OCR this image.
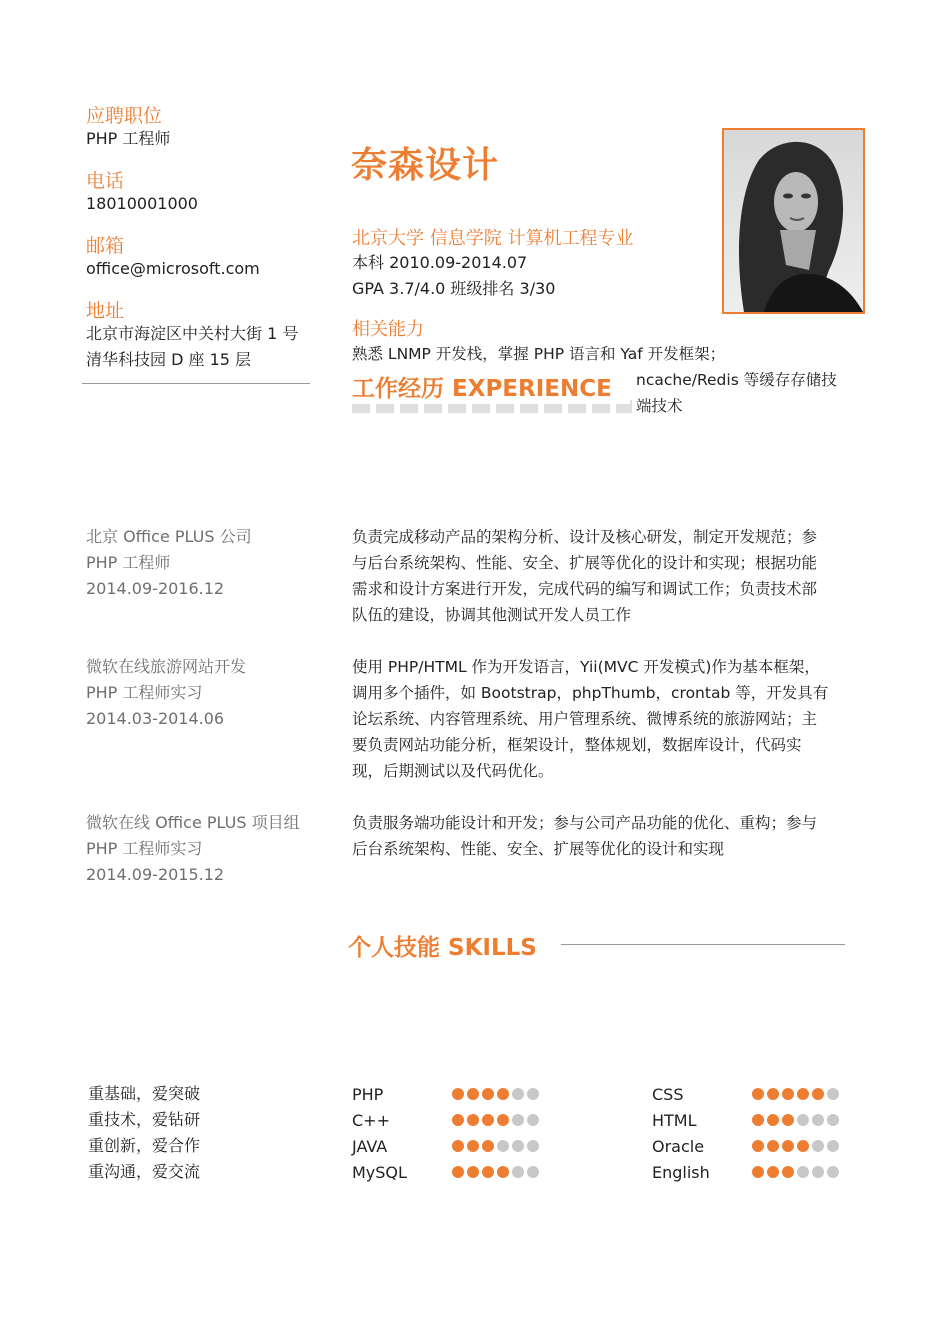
应聘职位
PHP 工程师
电话
18010001000
邮箱
office@microsoft.com
地址
北京市海淀区中关村大街 1 号
清华科技园 D 座 15 层
奈森设计
北京大学 信息学院 计算机工程专业
本科 2010.09-2014.07
GPA 3.7/4.0 班级排名 3/30
相关能力
熟悉 LNMP 开发栈，掌握 PHP 语言和 Yaf 开发框架；
ncache/Redis 等缓存存储技
端技术
工作经历 EXPERIENCE
北京 Office PLUS 公司
PHP 工程师
2014.09-2016.12
负责完成移动产品的架构分析、设计及核心研发，制定开发规范；参
与后台系统架构、性能、安全、扩展等优化的设计和实现；根据功能
需求和设计方案进行开发，完成代码的编写和调试工作；负责技术部
队伍的建设，协调其他测试开发人员工作
微软在线旅游网站开发
PHP 工程师实习
2014.03-2014.06
使用 PHP/HTML 作为开发语言，Yii(MVC 开发模式)作为基本框架，
调用多个插件，如 Bootstrap，phpThumb，crontab 等，开发具有
论坛系统、内容管理系统、用户管理系统、微博系统的旅游网站；主
要负责网站功能分析，框架设计，整体规划，数据库设计，代码实
现，后期测试以及代码优化。
微软在线 Office PLUS 项目组
PHP 工程师实习
2014.09-2015.12
负责服务端功能设计和开发；参与公司产品功能的优化、重构；参与
后台系统架构、性能、安全、扩展等优化的设计和实现
个人技能 SKILLS
重基础，爱突破
重技术，爱钻研
重创新，爱合作
重沟通，爱交流
PHP
C++
JAVA
MySQL
CSS
HTML
Oracle
English
